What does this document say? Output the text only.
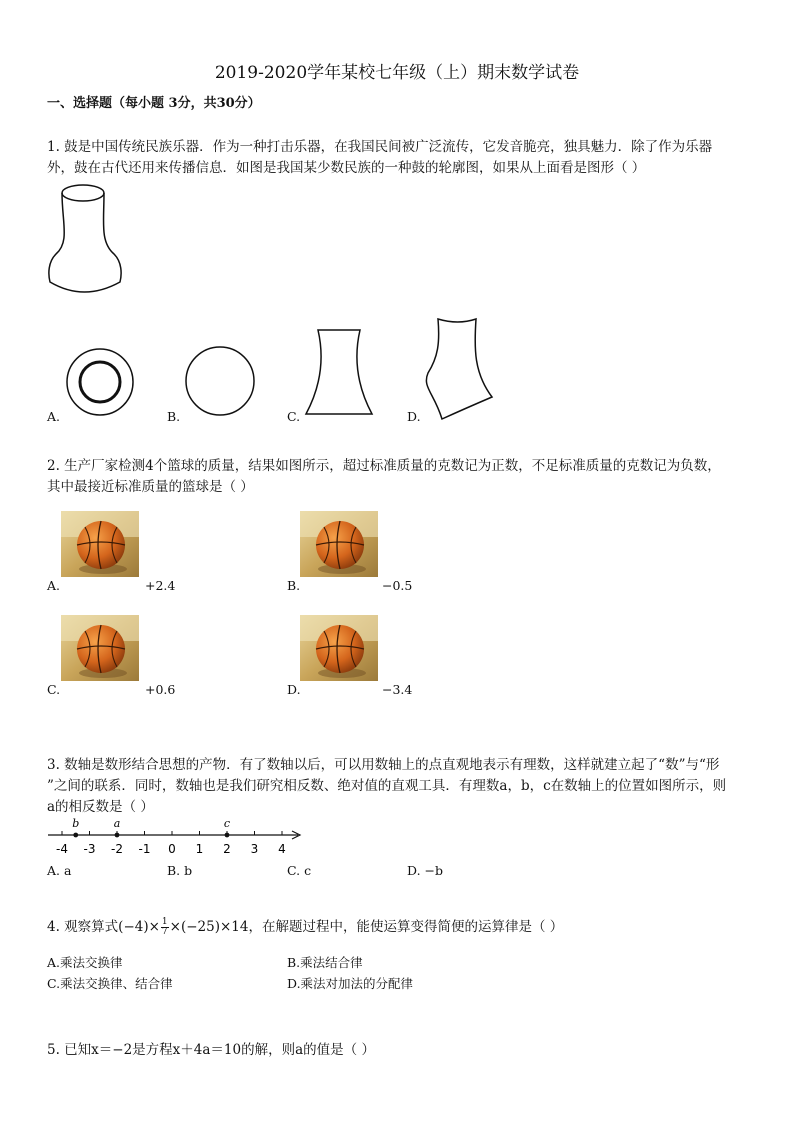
2019-2020学年某校七年级（上）期末数学试卷
一、选择题（每小题 3分，共30分）
1. 鼓是中国传统民族乐器．作为一种打击乐器，在我国民间被广泛流传，它发音脆亮，独具魅力．除了作为乐器
外，鼓在古代还用来传播信息．如图是我国某少数民族的一种鼓的轮廓图，如果从上面看是图形（ ）
A.	B.	C.	D.
2. 生产厂家检测4个篮球的质量，结果如图所示，超过标准质量的克数记为正数，不足标准质量的克数记为负数，
其中最接近标准质量的篮球是（ ）
A.	+2.4	B.	−0.5
C.	+0.6	D.	−3.4
3. 数轴是数形结合思想的产物．有了数轴以后，可以用数轴上的点直观地表示有理数，这样就建立起了“数”与“形
”之间的联系．同时，数轴也是我们研究相反数、绝对值的直观工具．有理数a，b，c在数轴上的位置如图所示，则
a的相反数是（ ）
-4 -3 -2 -1 0 1 2 3 4
b	a	c
A. a	B. b	C. c	D. −b
4. 观察算式$(-4)\times \frac{1}{7} \times(-25)\times 14$，在解题过程中，能使运算变得简便的运算律是（ ）
A.乘法交换律	B.乘法结合律
C.乘法交换律、结合律	D.乘法对加法的分配律
5. 已知x＝−2是方程x＋4a＝10的解，则a的值是（ ）
